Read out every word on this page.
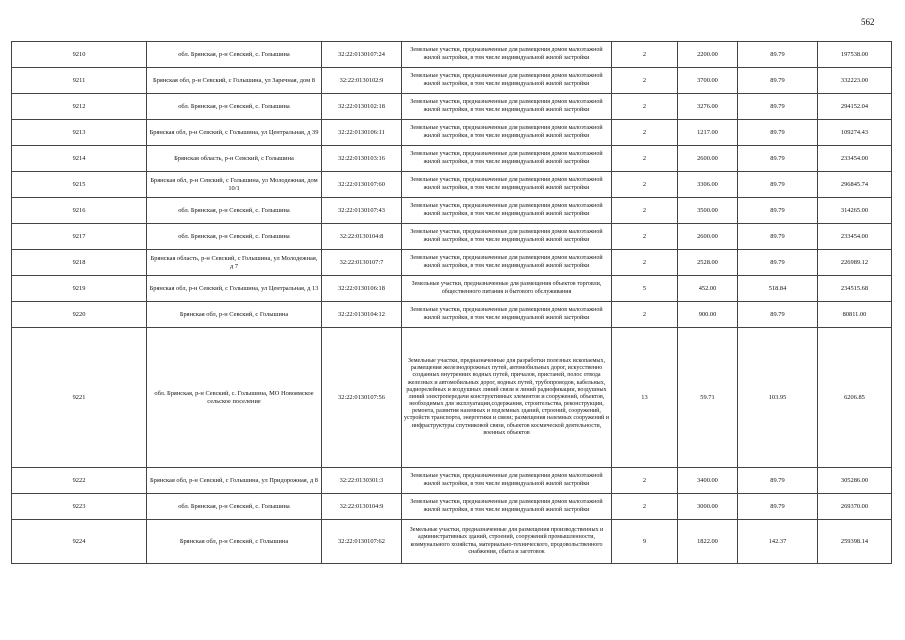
562
9210	обл. Брянская, р-н Севский, с. Голышина	32:22:0130107:24	Земельные участки, предназначенные для размещения домов малоэтажной жилой застройки, в том числе индивидуальной жилой застройки	2	2200.00	89.79	197538.00
9211	Брянская обл, р-н Севский, с Голышина, ул Заречная, дом 8	32:22:0130102:9	Земельные участки, предназначенные для размещения домов малоэтажной жилой застройки, в том числе индивидуальной жилой застройки	2	3700.00	89.79	332223.00
9212	обл. Брянская, р-н Севский, с. Голышина	32:22:0130102:18	Земельные участки, предназначенные для размещения домов малоэтажной жилой застройки, в том числе индивидуальной жилой застройки	2	3276.00	89.79	294152.04
9213	Брянская обл, р-н Севский, с Голышина, ул Центральная, д 39	32:22:0130106:11	Земельные участки, предназначенные для размещения домов малоэтажной жилой застройки, в том числе индивидуальной жилой застройки	2	1217.00	89.79	109274.43
9214	Брянская область, р-н Севский, с Голышина	32:22:0130103:16	Земельные участки, предназначенные для размещения домов малоэтажной жилой застройки, в том числе индивидуальной жилой застройки	2	2600.00	89.79	233454.00
9215	Брянская обл, р-н Севский, с Голышина, ул Молодежная, дом 10/1	32:22:0130107:60	Земельные участки, предназначенные для размещения домов малоэтажной жилой застройки, в том числе индивидуальной жилой застройки	2	3306.00	89.79	296845.74
9216	обл. Брянская, р-н Севский, с. Голышина	32:22:0130107:43	Земельные участки, предназначенные для размещения домов малоэтажной жилой застройки, в том числе индивидуальной жилой застройки	2	3500.00	89.79	314265.00
9217	обл. Брянская, р-н Севский, с. Голышина	32:22:0130104:8	Земельные участки, предназначенные для размещения домов малоэтажной жилой застройки, в том числе индивидуальной жилой застройки	2	2600.00	89.79	233454.00
9218	Брянская область, р-н Севский, с Голышина, ул Молодежная, д 7	32:22:0130107:7	Земельные участки, предназначенные для размещения домов малоэтажной жилой застройки, в том числе индивидуальной жилой застройки	2	2528.00	89.79	226989.12
9219	Брянская обл, р-н Севский, с Голышина, ул Центральная, д 13	32:22:0130106:18	Земельные участки, предназначенные для размещения объектов торговли, общественного питания и бытового обслуживания	5	452.00	518.84	234515.68
9220	Брянская обл, р-н Севский, с Голышина	32:22:0130104:12	Земельные участки, предназначенные для размещения домов малоэтажной жилой застройки, в том числе индивидуальной жилой застройки	2	900.00	89.79	80811.00
9221	обл. Брянская, р-н Севский, с. Голышина, МО Новоямское сельское поселение	32:22:0130107:56	Земельные участки, предназначенные для разработки полезных ископаемых, размещения железнодорожных путей, автомобильных дорог, искусственно созданных внутренних водных путей, причалов, пристаней, полос отвода железных и автомобильных дорог, водных путей, трубопроводов, кабельных, радиорелейных и воздушных линий связи и линий радиофикации, воздушных линий электропередачи конструктивных элементов и сооружений, объектов, необходимых для эксплуатации,содержания, строительства, реконструкции, ремонта, развития наземных и подземных зданий, строений, сооружений, устройств транспорта, энергетики и связи; размещения наземных сооружений и инфраструктуры спутниковой связи, объектов космической деятельности, военных объектов	13	59.71	103.95	6206.85
9222	Брянская обл, р-н Севский, с Голышина, ул Придорожная, д 8	32:22:0130301:3	Земельные участки, предназначенные для размещения домов малоэтажной жилой застройки, в том числе индивидуальной жилой застройки	2	3400.00	89.79	305286.00
9223	обл. Брянская, р-н Севский, с. Голышина	32:22:0130104:9	Земельные участки, предназначенные для размещения домов малоэтажной жилой застройки, в том числе индивидуальной жилой застройки	2	3000.00	89.79	269370.00
9224	Брянская обл, р-н Севский, с Голышина	32:22:0130107:62	Земельные участки, предназначенные для размещения производственных и административных зданий, строений, сооружений промышленности, коммунального хозяйства, материально-технического, продовольственного снабжения, сбыта и заготовок	9	1822.00	142.37	259398.14
